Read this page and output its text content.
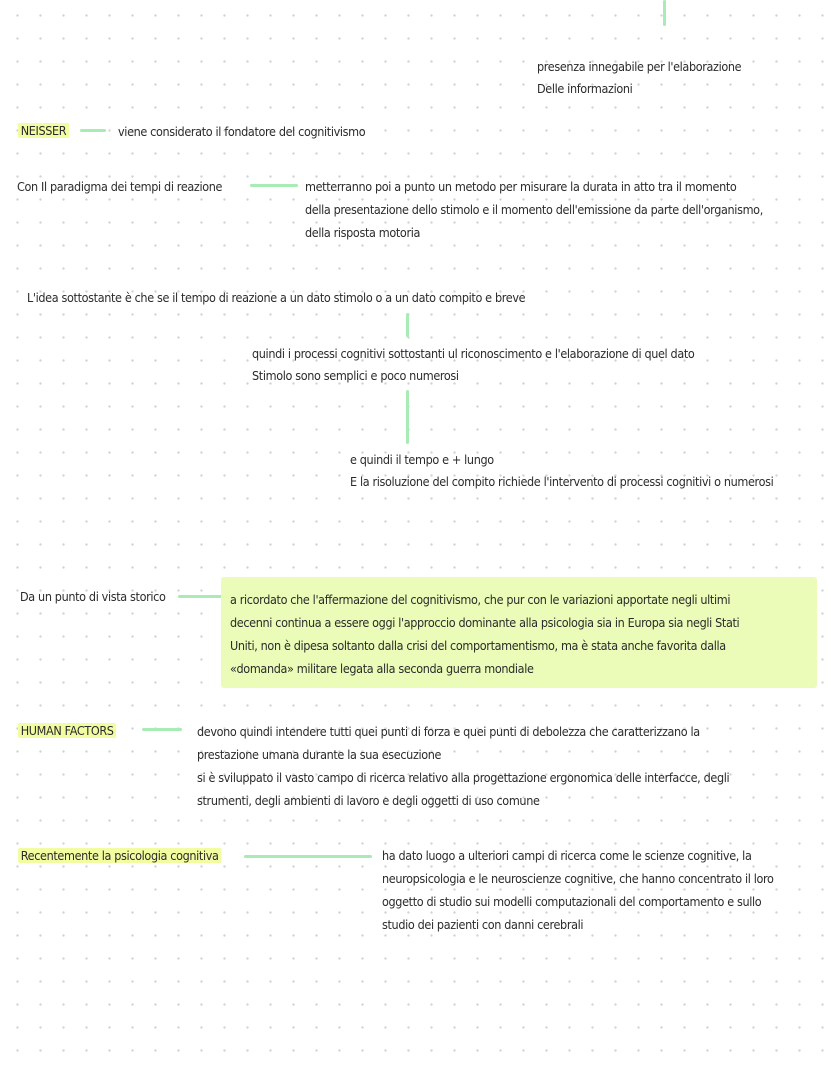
presenza innegabile per l'elaborazione
Delle informazioni
NEISSER	viene considerato il fondatore del cognitivismo
Con Il paradigma dei tempi di reazione	metterranno poi a punto un metodo per misurare la durata in atto tra il momento
della presentazione dello stimolo e il momento dell'emissione da parte dell'organismo,
della risposta motoria
L'idea sottostante è che se il tempo di reazione a un dato stimolo o a un dato compito e breve
quindi i processi cognitivi sottostanti ul riconoscimento e l'elaborazione di quel dato
Stimolo sono semplici e poco numerosi
e quindi il tempo e + lungo
E la risoluzione del compito richiede l'intervento di processi cognitivi o numerosi
Da un punto di vista storico	a ricordato che l'affermazione del cognitivismo, che pur con le variazioni apportate negli ultimi
decenni continua a essere oggi l'approccio dominante alla psicologia sia in Europa sia negli Stati
Uniti, non è dipesa soltanto dalla crisi del comportamentismo, ma è stata anche favorita dalla
«domanda» militare legata alla seconda guerra mondiale
HUMAN FACTORS	devono quindi intendere tutti quei punti di forza e quei punti di debolezza che caratterizzano la
prestazione umana durante la sua esecuzione
si è sviluppato il vasto campo di ricerca relativo alla progettazione ergonomica delle interfacce, degli
strumenti, degli ambienti di lavoro e degli oggetti di uso comune
Recentemente la psicologia cognitiva	ha dato luogo a ulteriori campi di ricerca come le scienze cognitive, la
neuropsicologia e le neuroscienze cognitive, che hanno concentrato il loro
oggetto di studio sui modelli computazionali del comportamento e sullo
studio dei pazienti con danni cerebrali
